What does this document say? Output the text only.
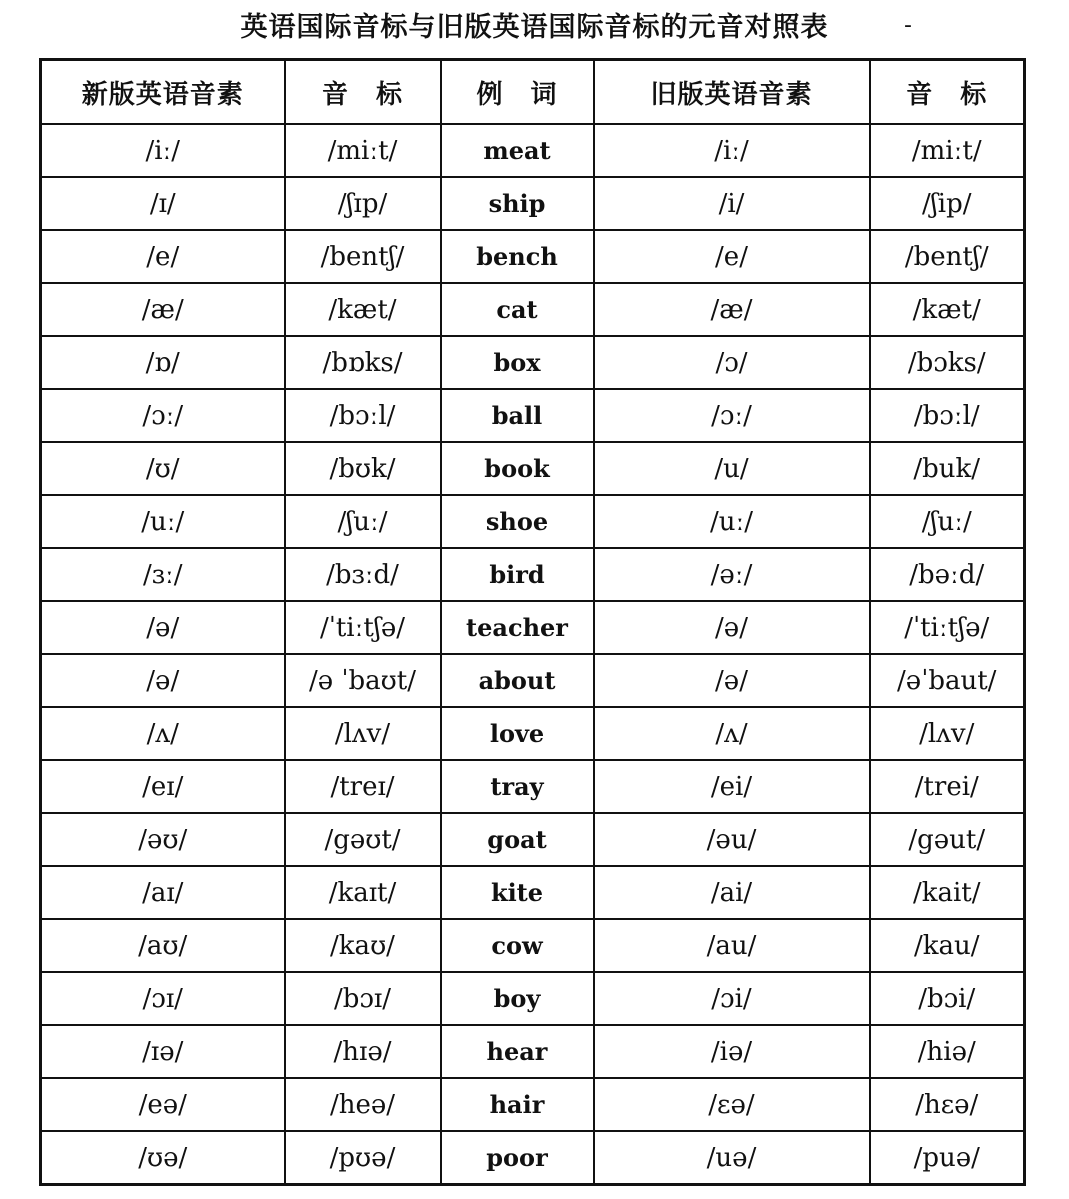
英语国际音标与旧版英语国际音标的元音对照表	-
新版英语音素	音　标	例　词	旧版英语音素	音　标
/iː/	/miːt/	meat	/iː/	/miːt/
/ɪ/	/ʃɪp/	ship	/i/	/ʃip/
/e/	/bentʃ/	bench	/e/	/bentʃ/
/æ/	/kæt/	cat	/æ/	/kæt/
/ɒ/	/bɒks/	box	/ɔ/	/bɔks/
/ɔː/	/bɔːl/	ball	/ɔː/	/bɔːl/
/ʊ/	/bʊk/	book	/u/	/buk/
/uː/	/ʃuː/	shoe	/uː/	/ʃuː/
/ɜː/	/bɜːd/	bird	/əː/	/bəːd/
/ə/	/ˈtiːtʃə/	teacher	/ə/	/ˈtiːtʃə/
/ə/	/ə ˈbaʊt/	about	/ə/	/əˈbaut/
/ʌ/	/lʌv/	love	/ʌ/	/lʌv/
/eɪ/	/treɪ/	tray	/ei/	/trei/
/əʊ/	/gəʊt/	goat	/əu/	/gəut/
/aɪ/	/kaɪt/	kite	/ai/	/kait/
/aʊ/	/kaʊ/	cow	/au/	/kau/
/ɔɪ/	/bɔɪ/	boy	/ɔi/	/bɔi/
/ɪə/	/hɪə/	hear	/iə/	/hiə/
/eə/	/heə/	hair	/ɛə/	/hɛə/
/ʊə/	/pʊə/	poor	/uə/	/puə/
